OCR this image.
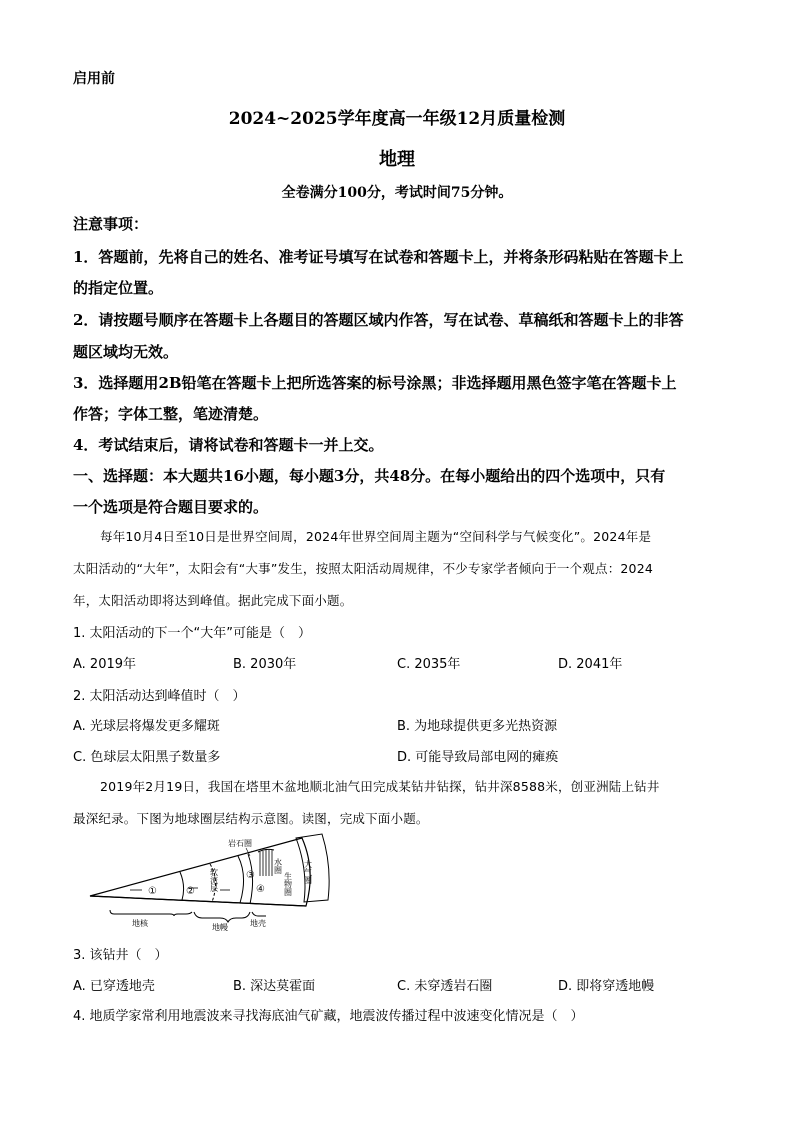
启用前
2024~2025学年度高一年级12月质量检测
地理
全卷满分100分，考试时间75分钟。
注意事项：
1．答题前，先将自己的姓名、准考证号填写在试卷和答题卡上，并将条形码粘贴在答题卡上
的指定位置。
2．请按题号顺序在答题卡上各题目的答题区域内作答，写在试卷、草稿纸和答题卡上的非答
题区域均无效。
3．选择题用2B铅笔在答题卡上把所选答案的标号涂黑；非选择题用黑色签字笔在答题卡上
作答；字体工整，笔迹清楚。
4．考试结束后，请将试卷和答题卡一并上交。
一、选择题：本大题共16小题，每小题3分，共48分。在每小题给出的四个选项中，只有
一个选项是符合题目要求的。
每年10月4日至10日是世界空间周，2024年世界空间周主题为“空间科学与气候变化”。2024年是
太阳活动的“大年”，太阳会有“大事”发生，按照太阳活动周规律，不少专家学者倾向于一个观点：2024
年，太阳活动即将达到峰值。据此完成下面小题。
1. 太阳活动的下一个“大年”可能是（　）
A. 2019年	B. 2030年	C. 2035年	D. 2041年
2. 太阳活动达到峰值时（　）
A. 光球层将爆发更多耀斑	B. 为地球提供更多光热资源
C. 色球层太阳黑子数量多	D. 可能导致局部电网的瘫痪
2019年2月19日，我国在塔里木盆地顺北油气田完成某钻井钻探，钻井深8588米，创亚洲陆上钻井
最深纪录。下图为地球圈层结构示意图。读图，完成下面小题。
①	②
③
④
岩石圈
软流层
水圈
生物圈 大气圈
地核	地幔	地壳
3. 该钻井（　）
A. 已穿透地壳	B. 深达莫霍面	C. 未穿透岩石圈	D. 即将穿透地幔
4. 地质学家常利用地震波来寻找海底油气矿藏，地震波传播过程中波速变化情况是（　）
